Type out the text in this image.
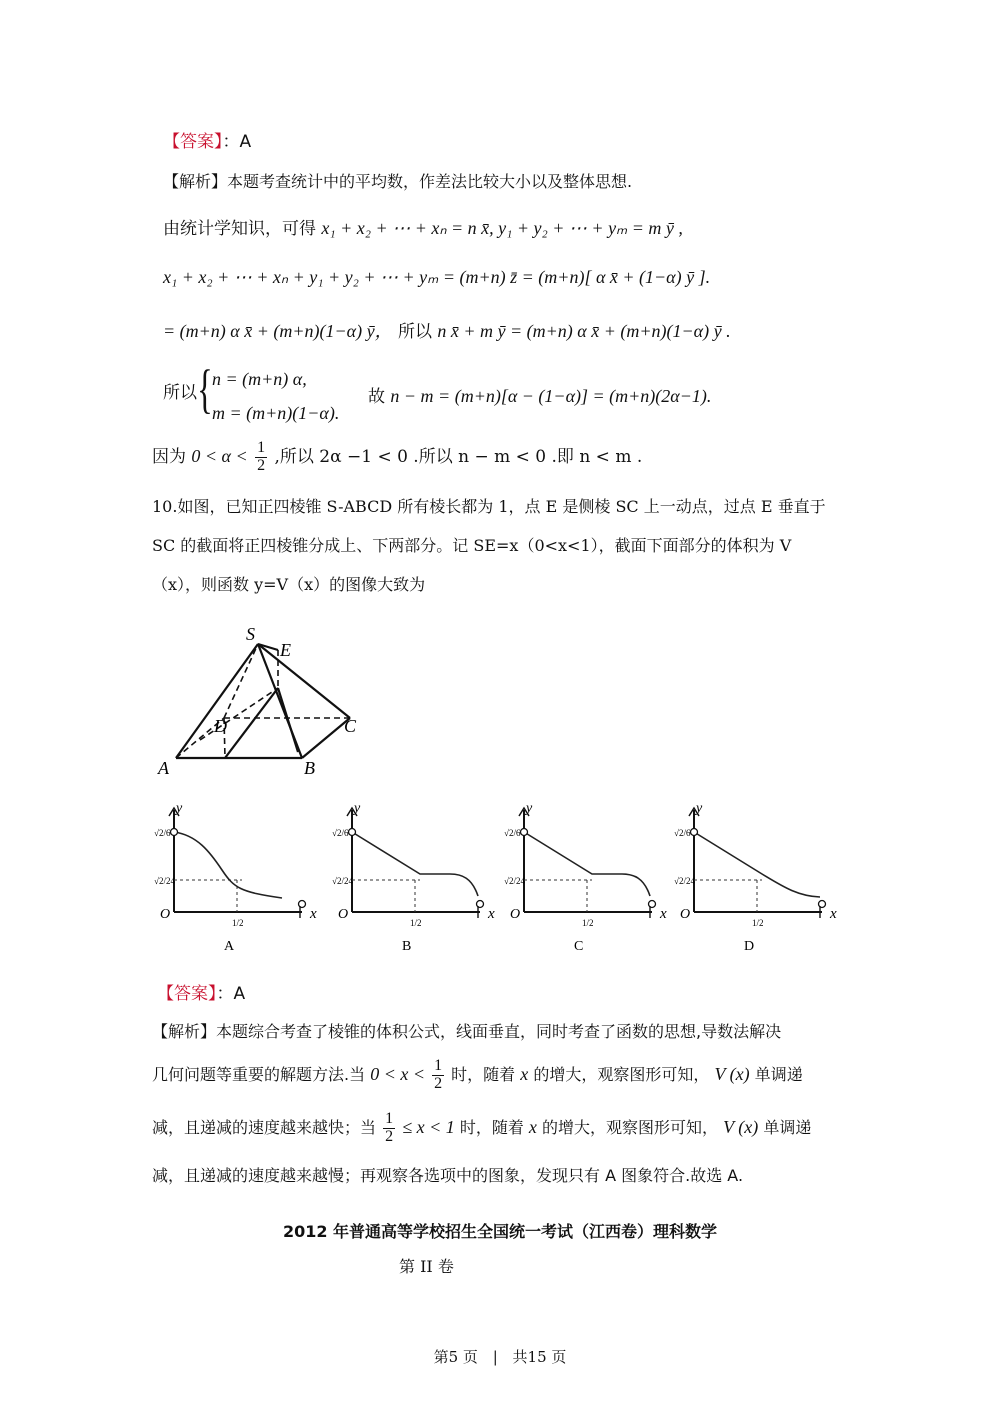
【答案】：A
【解析】本题考查统计中的平均数，作差法比较大小以及整体思想.
由统计学知识，可得 x₁ + x₂ + ⋯ + xₙ = n x̄, y₁ + y₂ + ⋯ + yₘ = m ȳ ,
x₁ + x₂ + ⋯ + xₙ + y₁ + y₂ + ⋯ + yₘ = (m+n) z̄ = (m+n)[ α x̄ + (1−α) ȳ ].
= (m+n) α x̄ + (m+n)(1−α) ȳ， 所以 n x̄ + m ȳ = (m+n) α x̄ + (m+n)(1−α) ȳ .
所以 { n = (m+n) α,
m = (m+n)(1−α).
故 n − m = (m+n)[α − (1−α)] = (m+n)(2α−1).
因为 $0 < \alpha < \frac{1}{2}$ ,所以 2α −1 < 0 .所以 n − m < 0 .即 n < m .
10.如图，已知正四棱锥 S-ABCD 所有棱长都为 1，点 E 是侧棱 SC 上一动点，过点 E 垂直于
SC 的截面将正四棱锥分成上、下两部分。记 SE=x（0<x<1），截面下面部分的体积为 V
（x），则函数 y=V（x）的图像大致为
S
E
A	B
C
D
√2/6
√2/24
1/2
O	x
y
A
√2/6
√2/24
1/2
O	x
y
B
√2/6
√2/24
1/2
O	x
y
C
√2/6
√2/24
1/2
O	x
y
D
【答案】：A
【解析】本题综合考查了棱锥的体积公式，线面垂直，同时考查了函数的思想,导数法解决
几何问题等重要的解题方法.当 $0 < x < \frac{1}{2}$ 时，随着 x 的增大，观察图形可知， V (x) 单调递
减，且递减的速度越来越快；当 $\frac{1}{2} \le x < 1$ 时，随着 x 的增大，观察图形可知， V (x) 单调递
减，且递减的速度越来越慢；再观察各选项中的图象，发现只有 A 图象符合.故选 A.
2012 年普通高等学校招生全国统一考试（江西卷）理科数学
第 II 卷
第5 页 | 共15 页
